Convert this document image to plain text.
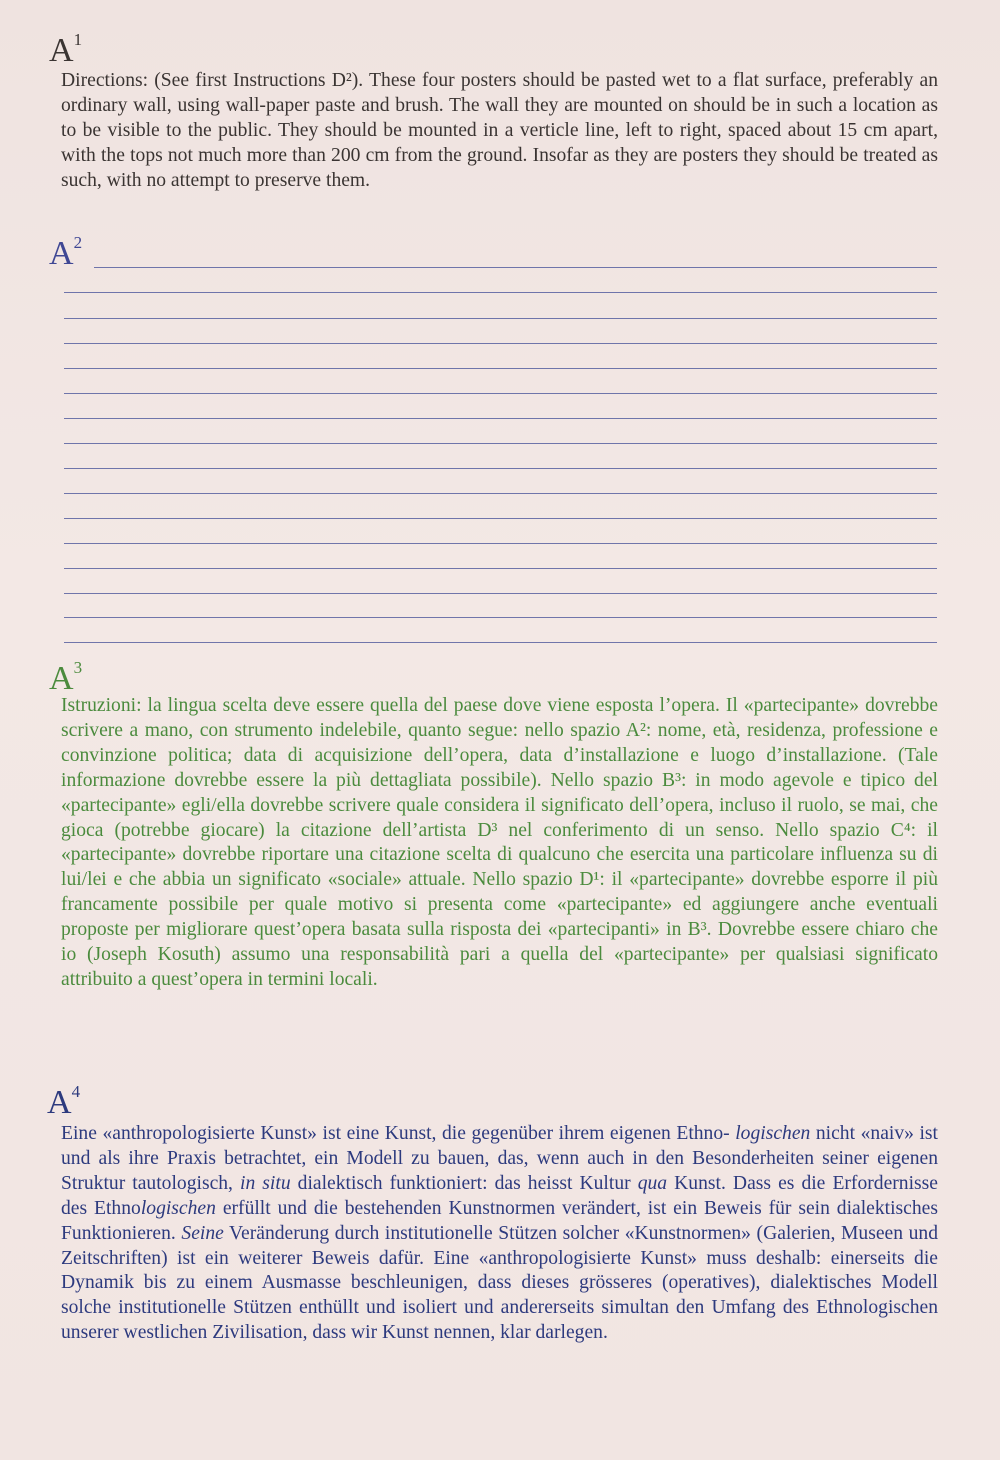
$A^1$
Directions: (See first Instructions D²). These four posters should be pasted wet to a flat surface, preferably an ordinary wall, using wall-paper paste and brush. The wall they are mounted on should be in such a location as to be visible to the public. They should be mounted in a verticle line, left to right, spaced about 15 cm apart, with the tops not much more than 200 cm from the ground. Insofar as they are posters they should be treated as such, with no attempt to preserve them.
$A^2$
$A^3$
Istruzioni: la lingua scelta deve essere quella del paese dove viene esposta l’opera. Il «partecipante» dovrebbe scrivere a mano, con strumento indelebile, quanto segue: nello spazio A²: nome, età, residenza, professione e convinzione politica; data di acquisizione dell’opera, data d’installazione e luogo d’installazione. (Tale informazione dovrebbe essere la più dettagliata possibile). Nello spazio B³: in modo agevole e tipico del «partecipante» egli/ella dovrebbe scrivere quale considera il significato dell’opera, incluso il ruolo, se mai, che gioca (potrebbe giocare) la citazione dell’artista D³ nel conferimento di un senso. Nello spazio C⁴: il «partecipante» dovrebbe riportare una citazione scelta di qualcuno che esercita una particolare influenza su di lui/lei e che abbia un significato «sociale» attuale. Nello spazio D¹: il «partecipante» dovrebbe esporre il più francamente possibile per quale motivo si presenta come «partecipante» ed aggiungere anche eventuali proposte per migliorare quest’opera basata sulla risposta dei «partecipanti» in B³. Dovrebbe essere chiaro che io (Joseph Kosuth) assumo una responsabilità pari a quella del «partecipante» per qualsiasi significato attribuito a quest’opera in termini locali.
$A^4$
Eine «anthropologisierte Kunst» ist eine Kunst, die gegenüber ihrem eigenen Ethno- logischen nicht «naiv» ist und als ihre Praxis betrachtet, ein Modell zu bauen, das, wenn auch in den Besonderheiten seiner eigenen Struktur tautologisch, in situ dialektisch funktioniert: das heisst Kultur qua Kunst. Dass es die Erfordernisse des Ethnologischen erfüllt und die bestehenden Kunstnormen verändert, ist ein Beweis für sein dialektisches Funktionieren. Seine Veränderung durch institutionelle Stützen solcher «Kunstnormen» (Galerien, Museen und Zeitschriften) ist ein weiterer Beweis dafür. Eine «anthropologisierte Kunst» muss deshalb: einerseits die Dynamik bis zu einem Ausmasse beschleunigen, dass dieses grösseres (operatives), dialektisches Modell solche institutionelle Stützen enthüllt und isoliert und andererseits simultan den Umfang des Ethnologischen unserer westlichen Zivilisation, dass wir Kunst nennen, klar darlegen.
